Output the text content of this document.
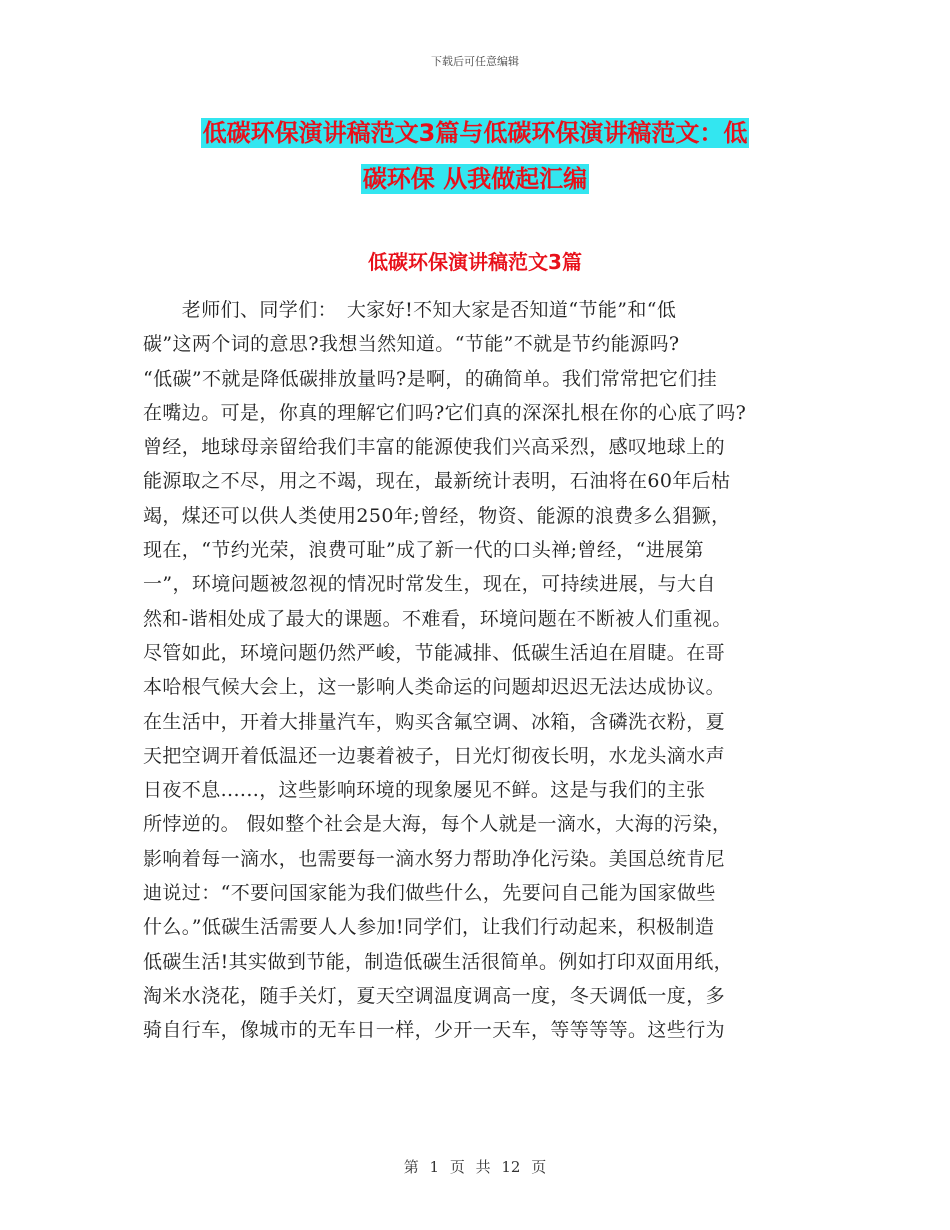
下载后可任意编辑
低碳环保演讲稿范文3篇与低碳环保演讲稿范文：低
碳环保 从我做起汇编
低碳环保演讲稿范文3篇
　　老师们、同学们：　大家好!不知大家是否知道“节能”和“低
碳”这两个词的意思?我想当然知道。“节能”不就是节约能源吗?
“低碳”不就是降低碳排放量吗?是啊，的确简单。我们常常把它们挂
在嘴边。可是，你真的理解它们吗?它们真的深深扎根在你的心底了吗?
曾经，地球母亲留给我们丰富的能源使我们兴高采烈，感叹地球上的
能源取之不尽，用之不竭，现在，最新统计表明，石油将在60年后枯
竭，煤还可以供人类使用250年;曾经，物资、能源的浪费多么猖獗，
现在，“节约光荣，浪费可耻”成了新一代的口头禅;曾经，“进展第
一”，环境问题被忽视的情况时常发生，现在，可持续进展，与大自
然和-谐相处成了最大的课题。不难看，环境问题在不断被人们重视。
尽管如此，环境问题仍然严峻，节能减排、低碳生活迫在眉睫。在哥
本哈根气候大会上，这一影响人类命运的问题却迟迟无法达成协议。
在生活中，开着大排量汽车，购买含氟空调、冰箱，含磷洗衣粉，夏
天把空调开着低温还一边裹着被子，日光灯彻夜长明，水龙头滴水声
日夜不息......，这些影响环境的现象屡见不鲜。这是与我们的主张
所悖逆的。 假如整个社会是大海，每个人就是一滴水，大海的污染，
影响着每一滴水，也需要每一滴水努力帮助净化污染。美国总统肯尼
迪说过：“不要问国家能为我们做些什么，先要问自己能为国家做些
什么。”低碳生活需要人人参加!同学们，让我们行动起来，积极制造
低碳生活!其实做到节能，制造低碳生活很简单。例如打印双面用纸，
淘米水浇花，随手关灯，夏天空调温度调高一度，冬天调低一度，多
骑自行车，像城市的无车日一样，少开一天车，等等等等。这些行为
第 1 页 共 12 页
